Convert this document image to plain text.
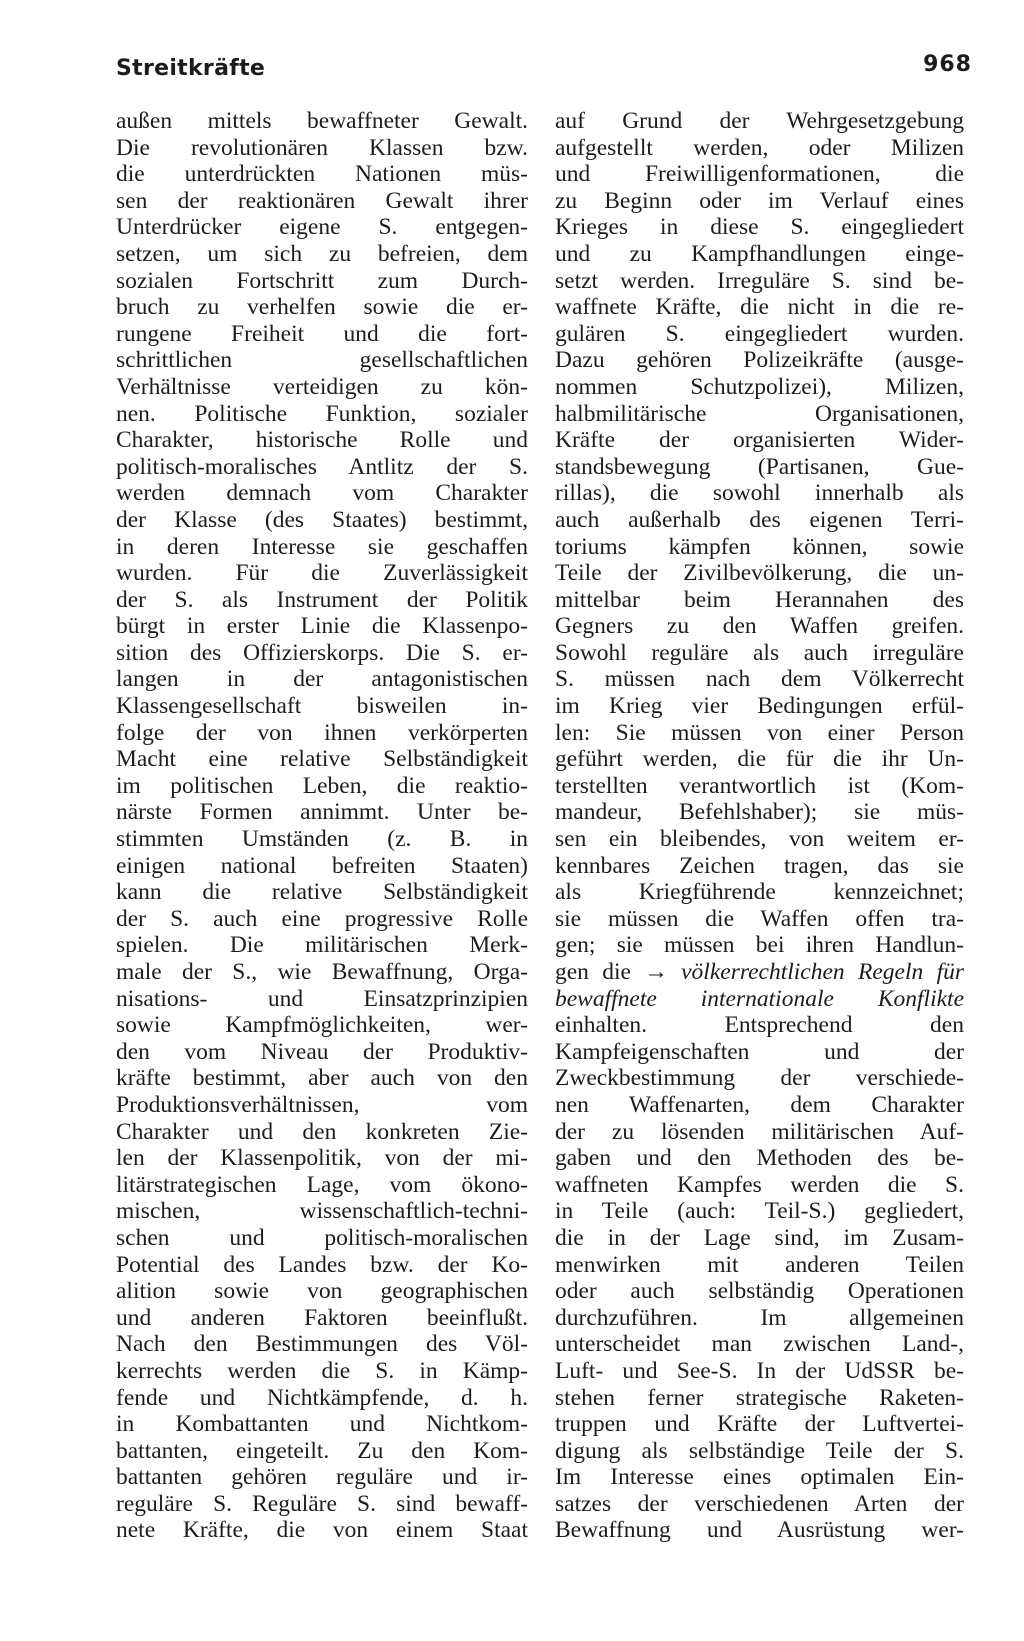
Streitkräfte	968
außen mittels bewaffneter Gewalt.
Die revolutionären Klassen bzw.
die unterdrückten Nationen müs-
sen der reaktionären Gewalt ihrer
Unterdrücker eigene S. entgegen-
setzen, um sich zu befreien, dem
sozialen Fortschritt zum Durch-
bruch zu verhelfen sowie die er-
rungene Freiheit und die fort-
schrittlichen gesellschaftlichen
Verhältnisse verteidigen zu kön-
nen. Politische Funktion, sozialer
Charakter, historische Rolle und
politisch-moralisches Antlitz der S.
werden demnach vom Charakter
der Klasse (des Staates) bestimmt,
in deren Interesse sie geschaffen
wurden. Für die Zuverlässigkeit
der S. als Instrument der Politik
bürgt in erster Linie die Klassenpo-
sition des Offizierskorps. Die S. er-
langen in der antagonistischen
Klassengesellschaft bisweilen in-
folge der von ihnen verkörperten
Macht eine relative Selbständigkeit
im politischen Leben, die reaktio-
närste Formen annimmt. Unter be-
stimmten Umständen (z. B. in
einigen national befreiten Staaten)
kann die relative Selbständigkeit
der S. auch eine progressive Rolle
spielen. Die militärischen Merk-
male der S., wie Bewaffnung, Orga-
nisations- und Einsatzprinzipien
sowie Kampfmöglichkeiten, wer-
den vom Niveau der Produktiv-
kräfte bestimmt, aber auch von den
Produktionsverhältnissen, vom
Charakter und den konkreten Zie-
len der Klassenpolitik, von der mi-
litärstrategischen Lage, vom ökono-
mischen, wissenschaftlich-techni-
schen und politisch-moralischen
Potential des Landes bzw. der Ko-
alition sowie von geographischen
und anderen Faktoren beeinflußt.
Nach den Bestimmungen des Völ-
kerrechts werden die S. in Kämp-
fende und Nichtkämpfende, d. h.
in Kombattanten und Nichtkom-
battanten, eingeteilt. Zu den Kom-
battanten gehören reguläre und ir-
reguläre S. Reguläre S. sind bewaff-
nete Kräfte, die von einem Staat
auf Grund der Wehrgesetzgebung
aufgestellt werden, oder Milizen
und Freiwilligenformationen, die
zu Beginn oder im Verlauf eines
Krieges in diese S. eingegliedert
und zu Kampfhandlungen einge-
setzt werden. Irreguläre S. sind be-
waffnete Kräfte, die nicht in die re-
gulären S. eingegliedert wurden.
Dazu gehören Polizeikräfte (ausge-
nommen Schutzpolizei), Milizen,
halbmilitärische Organisationen,
Kräfte der organisierten Wider-
standsbewegung (Partisanen, Gue-
rillas), die sowohl innerhalb als
auch außerhalb des eigenen Terri-
toriums kämpfen können, sowie
Teile der Zivilbevölkerung, die un-
mittelbar beim Herannahen des
Gegners zu den Waffen greifen.
Sowohl reguläre als auch irreguläre
S. müssen nach dem Völkerrecht
im Krieg vier Bedingungen erfül-
len: Sie müssen von einer Person
geführt werden, die für die ihr Un-
terstellten verantwortlich ist (Kom-
mandeur, Befehlshaber); sie müs-
sen ein bleibendes, von weitem er-
kennbares Zeichen tragen, das sie
als Kriegführende kennzeichnet;
sie müssen die Waffen offen tra-
gen; sie müssen bei ihren Handlun-
gen die → völkerrechtlichen Regeln für
bewaffnete internationale Konflikte
einhalten. Entsprechend den
Kampfeigenschaften und der
Zweckbestimmung der verschiede-
nen Waffenarten, dem Charakter
der zu lösenden militärischen Auf-
gaben und den Methoden des be-
waffneten Kampfes werden die S.
in Teile (auch: Teil-S.) gegliedert,
die in der Lage sind, im Zusam-
menwirken mit anderen Teilen
oder auch selbständig Operationen
durchzuführen. Im allgemeinen
unterscheidet man zwischen Land-,
Luft- und See-S. In der UdSSR be-
stehen ferner strategische Raketen-
truppen und Kräfte der Luftvertei-
digung als selbständige Teile der S.
Im Interesse eines optimalen Ein-
satzes der verschiedenen Arten der
Bewaffnung und Ausrüstung wer-
